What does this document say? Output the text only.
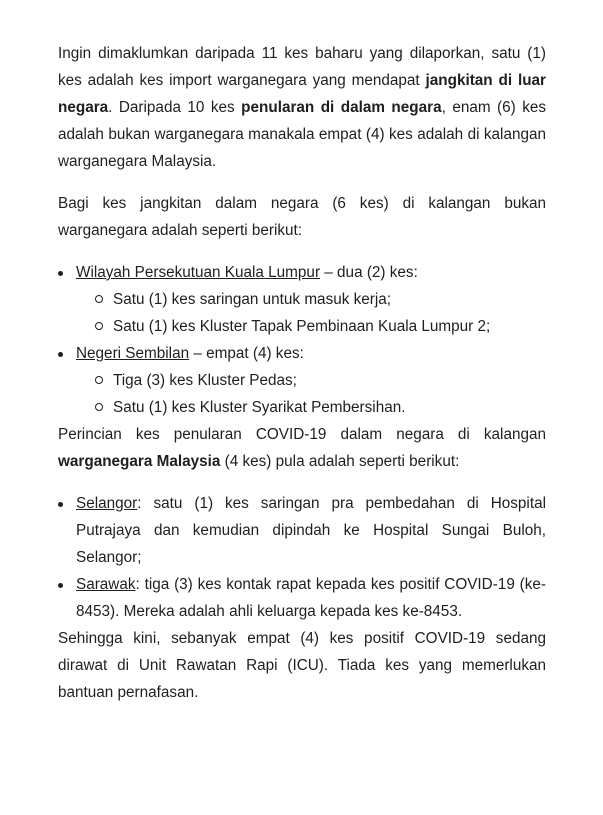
Ingin dimaklumkan daripada 11 kes baharu yang dilaporkan, satu (1) kes adalah kes import warganegara yang mendapat jangkitan di luar negara. Daripada 10 kes penularan di dalam negara, enam (6) kes adalah bukan warganegara manakala empat (4) kes adalah di kalangan warganegara Malaysia.

Bagi kes jangkitan dalam negara (6 kes) di kalangan bukan warganegara adalah seperti berikut:

Wilayah Persekutuan Kuala Lumpur – dua (2) kes:
Satu (1) kes saringan untuk masuk kerja;
Satu (1) kes Kluster Tapak Pembinaan Kuala Lumpur 2;
Negeri Sembilan – empat (4) kes:
Tiga (3) kes Kluster Pedas;
Satu (1) kes Kluster Syarikat Pembersihan.

Perincian kes penularan COVID-19 dalam negara di kalangan warganegara Malaysia (4 kes) pula adalah seperti berikut:

Selangor: satu (1) kes saringan pra pembedahan di Hospital Putrajaya dan kemudian dipindah ke Hospital Sungai Buloh, Selangor;
Sarawak: tiga (3) kes kontak rapat kepada kes positif COVID-19 (ke-8453). Mereka adalah ahli keluarga kepada kes ke-8453.

Sehingga kini, sebanyak empat (4) kes positif COVID-19 sedang dirawat di Unit Rawatan Rapi (ICU). Tiada kes yang memerlukan bantuan pernafasan.
